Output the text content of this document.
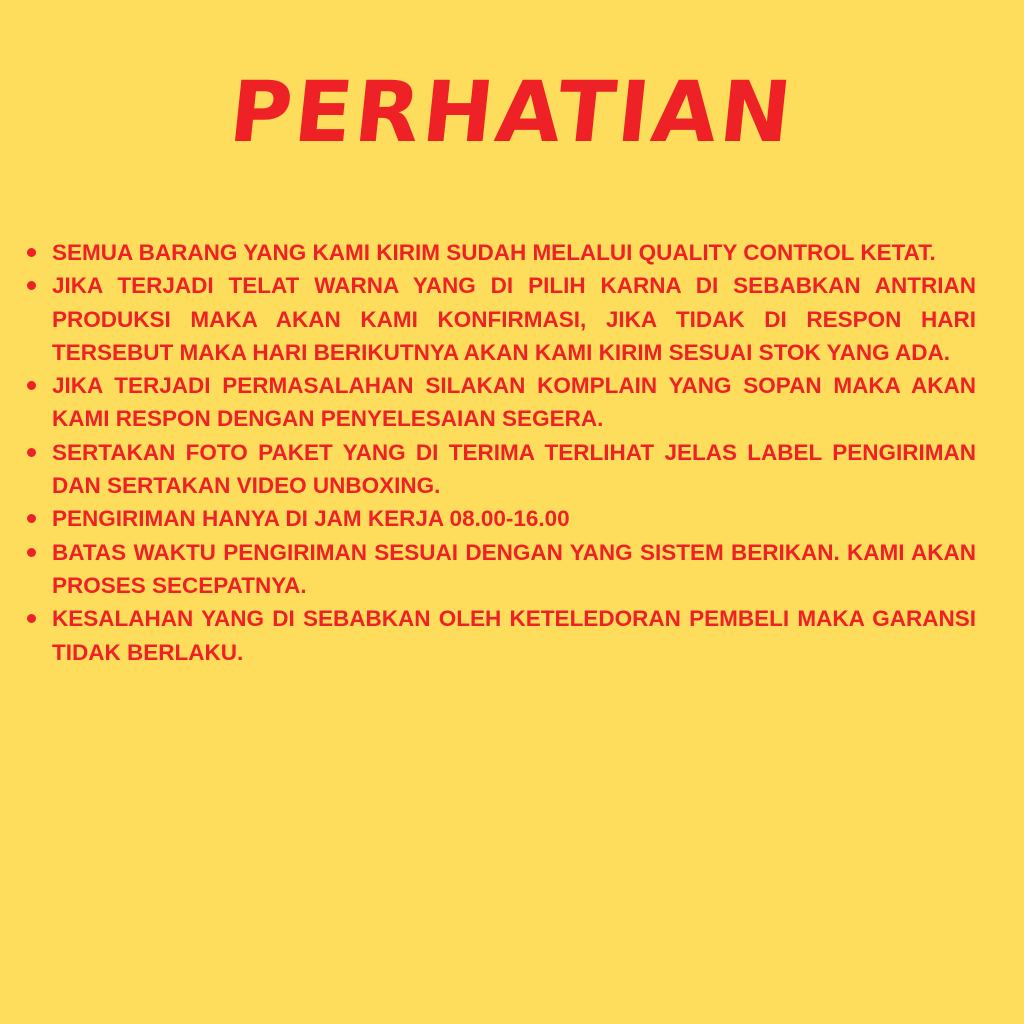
PERHATIAN
SEMUA BARANG YANG KAMI KIRIM SUDAH MELALUI QUALITY CONTROL KETAT.
JIKA TERJADI TELAT WARNA YANG DI PILIH KARNA DI SEBABKAN ANTRIAN PRODUKSI MAKA AKAN KAMI KONFIRMASI, JIKA TIDAK DI RESPON HARI TERSEBUT MAKA HARI BERIKUTNYA AKAN KAMI KIRIM SESUAI STOK YANG ADA.
JIKA TERJADI PERMASALAHAN SILAKAN KOMPLAIN YANG SOPAN MAKA AKAN KAMI RESPON DENGAN PENYELESAIAN SEGERA.
SERTAKAN FOTO PAKET YANG DI TERIMA TERLIHAT JELAS LABEL PENGIRIMAN DAN SERTAKAN VIDEO UNBOXING.
PENGIRIMAN HANYA DI JAM KERJA 08.00-16.00
BATAS WAKTU PENGIRIMAN SESUAI DENGAN YANG SISTEM BERIKAN. KAMI AKAN PROSES SECEPATNYA.
KESALAHAN YANG DI SEBABKAN OLEH KETELEDORAN PEMBELI MAKA GARANSI TIDAK BERLAKU.
